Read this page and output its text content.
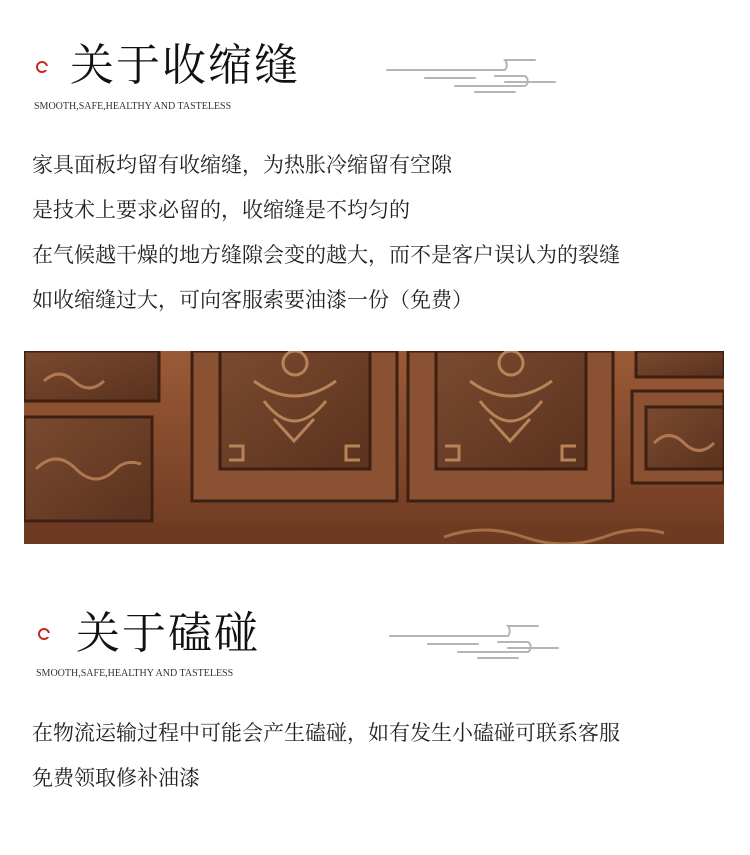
关于收缩缝
SMOOTH,SAFE,HEALTHY AND TASTELESS

家具面板均留有收缩缝，为热胀冷缩留有空隙

是技术上要求必留的，收缩缝是不均匀的

在气候越干燥的地方缝隙会变的越大，而不是客户误认为的裂缝

如收缩缝过大，可向客服索要油漆一份（免费）

关于磕碰
SMOOTH,SAFE,HEALTHY AND TASTELESS

在物流运输过程中可能会产生磕碰，如有发生小磕碰可联系客服

免费领取修补油漆
